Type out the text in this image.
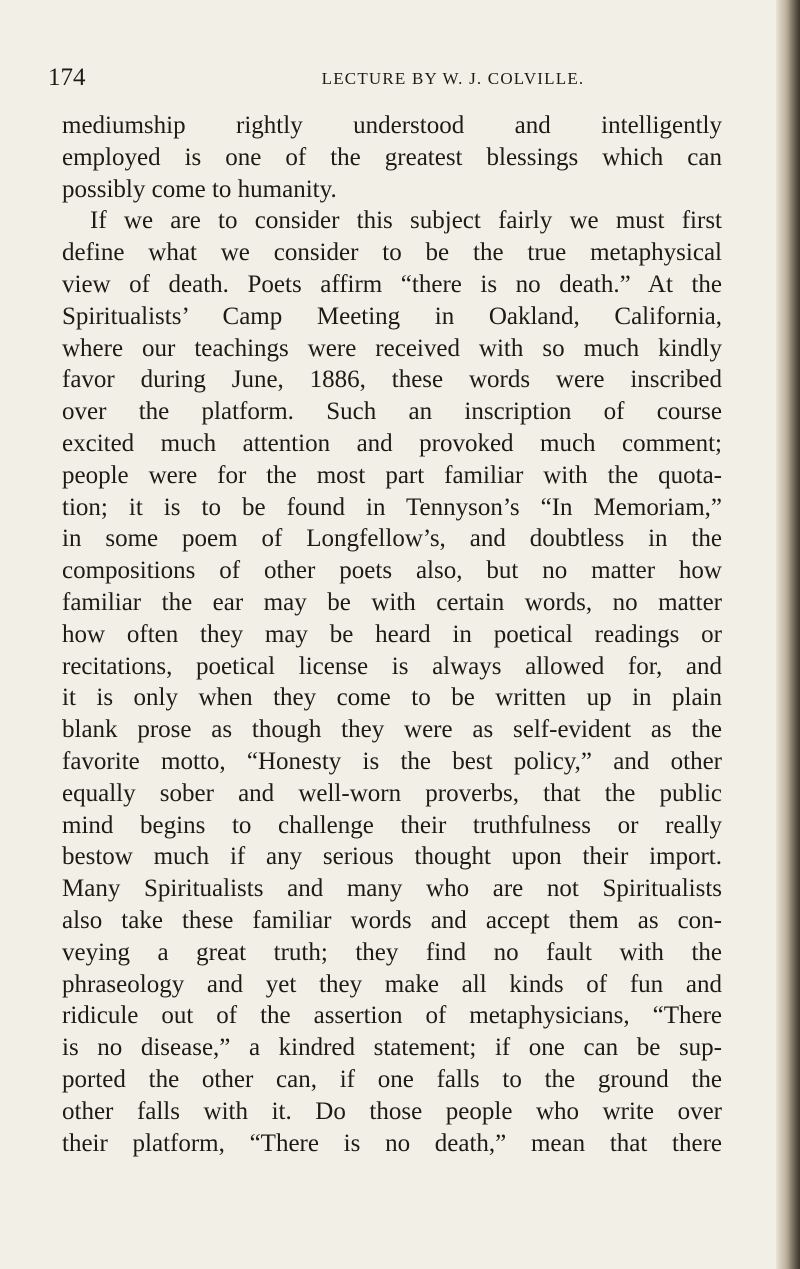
174	LECTURE BY W. J. COLVILLE.
mediumship rightly understood and intelligently
employed is one of the greatest blessings which can
possibly come to humanity.
If we are to consider this subject fairly we must first
define what we consider to be the true metaphysical
view of death. Poets affirm “there is no death.” At the
Spiritualists’ Camp Meeting in Oakland, California,
where our teachings were received with so much kindly
favor during June, 1886, these words were inscribed
over the platform. Such an inscription of course
excited much attention and provoked much comment;
people were for the most part familiar with the quota-
tion; it is to be found in Tennyson’s “In Memoriam,”
in some poem of Longfellow’s, and doubtless in the
compositions of other poets also, but no matter how
familiar the ear may be with certain words, no matter
how often they may be heard in poetical readings or
recitations, poetical license is always allowed for, and
it is only when they come to be written up in plain
blank prose as though they were as self-evident as the
favorite motto, “Honesty is the best policy,” and other
equally sober and well-worn proverbs, that the public
mind begins to challenge their truthfulness or really
bestow much if any serious thought upon their import.
Many Spiritualists and many who are not Spiritualists
also take these familiar words and accept them as con-
veying a great truth; they find no fault with the
phraseology and yet they make all kinds of fun and
ridicule out of the assertion of metaphysicians, “There
is no disease,” a kindred statement; if one can be sup-
ported the other can, if one falls to the ground the
other falls with it. Do those people who write over
their platform, “There is no death,” mean that there
